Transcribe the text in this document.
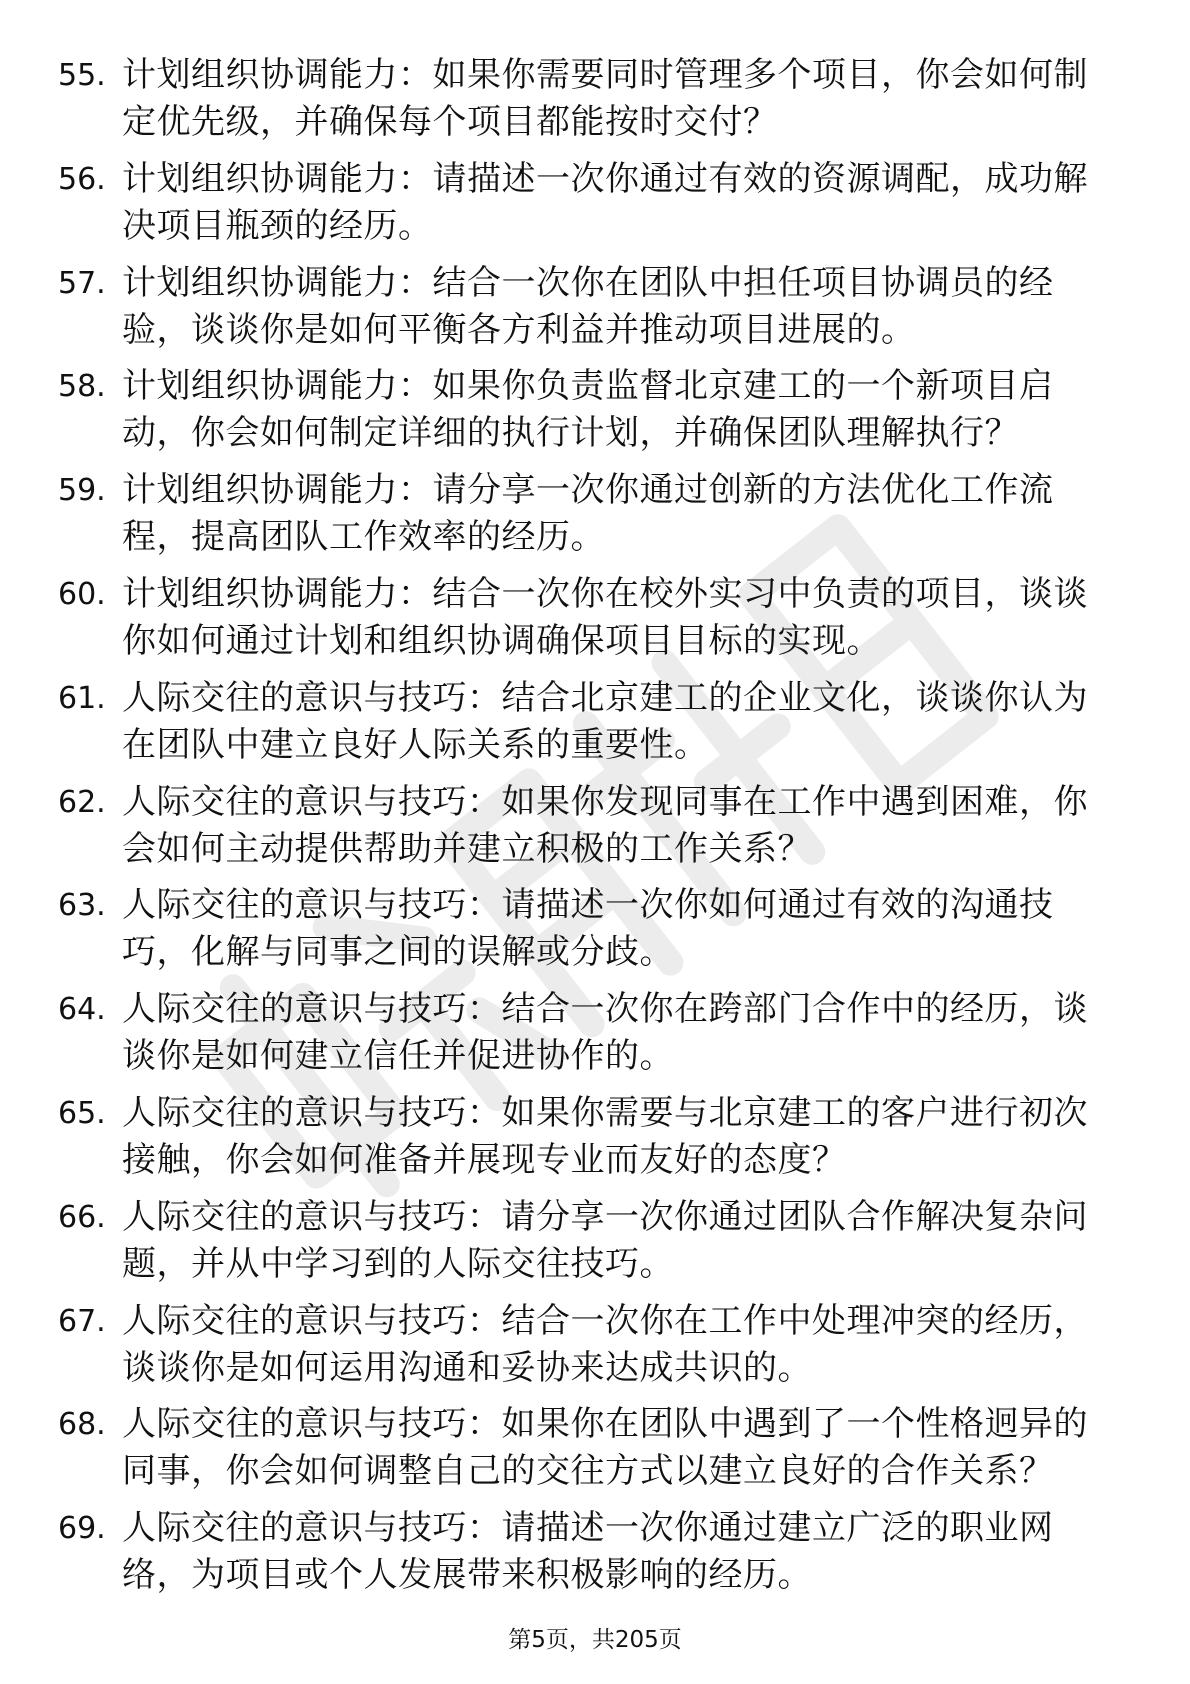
55. 计划组织协调能力：如果你需要同时管理多个项目，你会如何制定优先级，并确保每个项目都能按时交付？
56. 计划组织协调能力：请描述一次你通过有效的资源调配，成功解决项目瓶颈的经历。
57. 计划组织协调能力：结合一次你在团队中担任项目协调员的经验，谈谈你是如何平衡各方利益并推动项目进展的。
58. 计划组织协调能力：如果你负责监督北京建工的一个新项目启动，你会如何制定详细的执行计划，并确保团队理解执行？
59. 计划组织协调能力：请分享一次你通过创新的方法优化工作流程，提高团队工作效率的经历。
60. 计划组织协调能力：结合一次你在校外实习中负责的项目，谈谈你如何通过计划和组织协调确保项目目标的实现。
61. 人际交往的意识与技巧：结合北京建工的企业文化，谈谈你认为在团队中建立良好人际关系的重要性。
62. 人际交往的意识与技巧：如果你发现同事在工作中遇到困难，你会如何主动提供帮助并建立积极的工作关系？
63. 人际交往的意识与技巧：请描述一次你如何通过有效的沟通技巧，化解与同事之间的误解或分歧。
64. 人际交往的意识与技巧：结合一次你在跨部门合作中的经历，谈谈你是如何建立信任并促进协作的。
65. 人际交往的意识与技巧：如果你需要与北京建工的客户进行初次接触，你会如何准备并展现专业而友好的态度？
66. 人际交往的意识与技巧：请分享一次你通过团队合作解决复杂问题，并从中学习到的人际交往技巧。
67. 人际交往的意识与技巧：结合一次你在工作中处理冲突的经历，谈谈你是如何运用沟通和妥协来达成共识的。
68. 人际交往的意识与技巧：如果你在团队中遇到了一个性格迥异的同事，你会如何调整自己的交往方式以建立良好的合作关系？
69. 人际交往的意识与技巧：请描述一次你通过建立广泛的职业网络，为项目或个人发展带来积极影响的经历。
第5页，共205页
